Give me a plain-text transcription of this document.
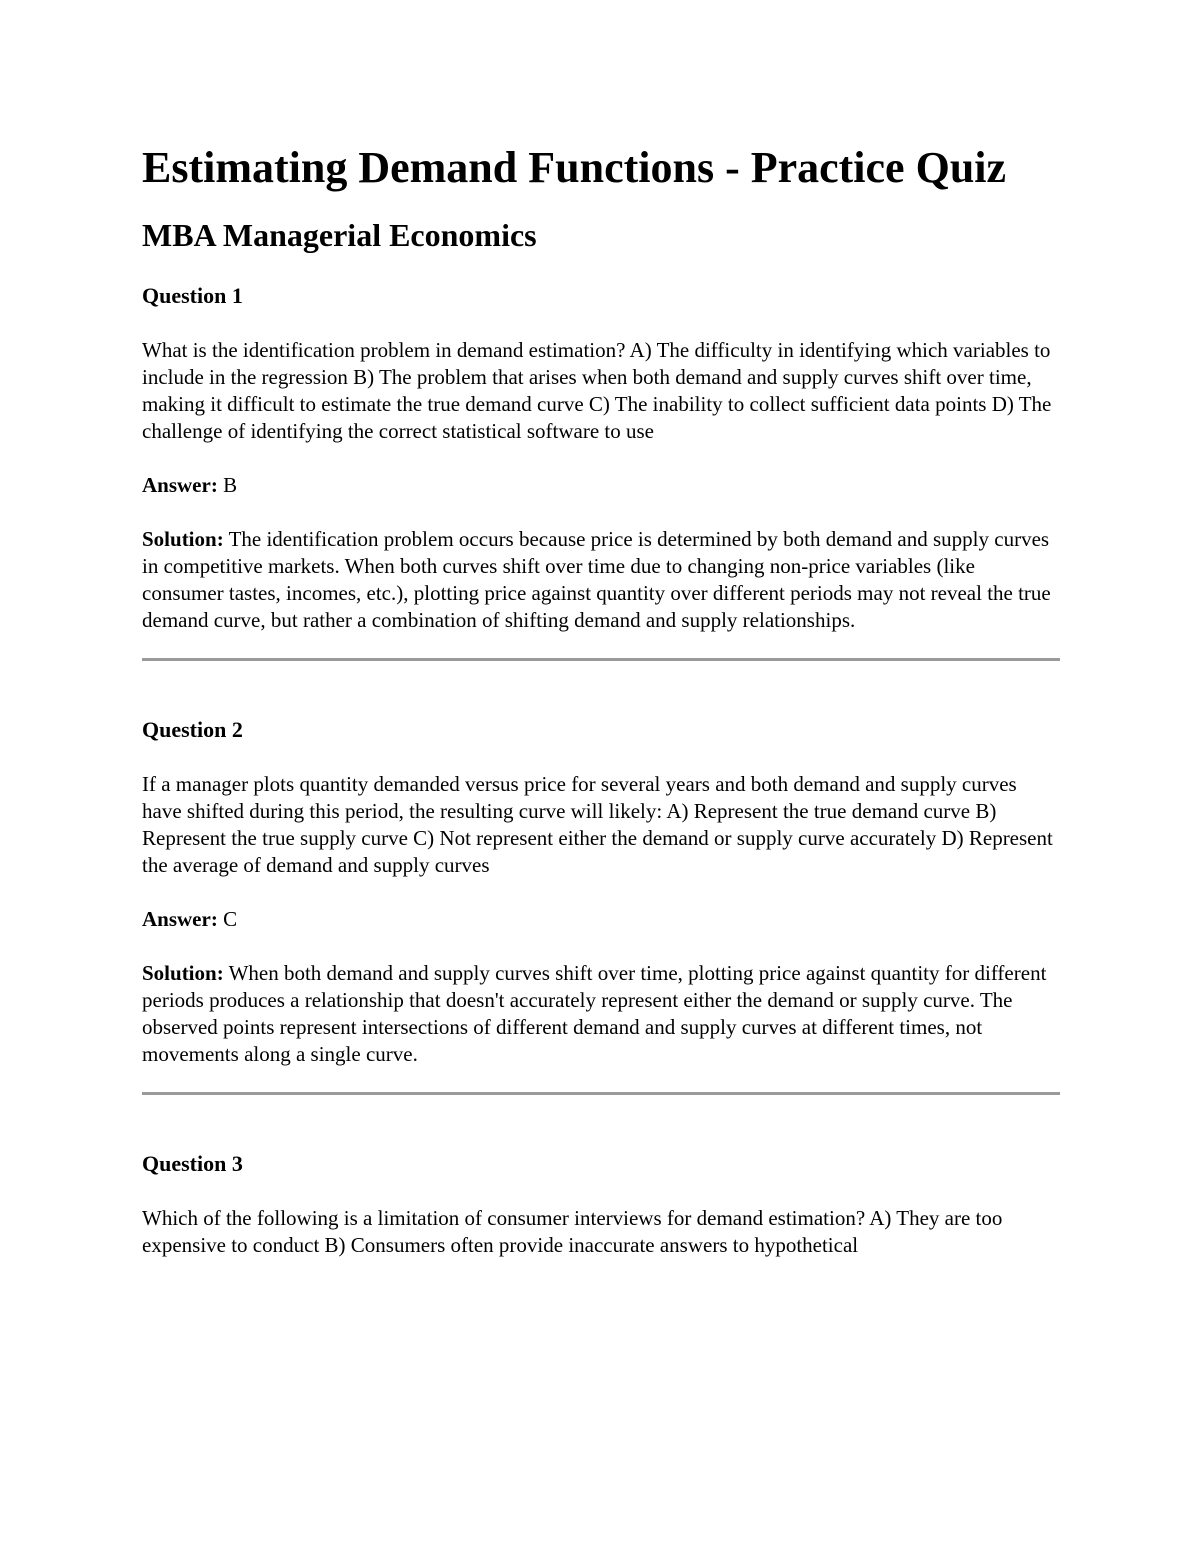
Estimating Demand Functions - Practice Quiz
MBA Managerial Economics

Question 1

What is the identification problem in demand estimation? A) The difficulty in identifying which variables to include in the regression B) The problem that arises when both demand and supply curves shift over time, making it difficult to estimate the true demand curve C) The inability to collect sufficient data points D) The challenge of identifying the correct statistical software to use

Answer: B

Solution: The identification problem occurs because price is determined by both demand and supply curves in competitive markets. When both curves shift over time due to changing non-price variables (like consumer tastes, incomes, etc.), plotting price against quantity over different periods may not reveal the true demand curve, but rather a combination of shifting demand and supply relationships.

Question 2

If a manager plots quantity demanded versus price for several years and both demand and supply curves have shifted during this period, the resulting curve will likely: A) Represent the true demand curve B) Represent the true supply curve C) Not represent either the demand or supply curve accurately D) Represent the average of demand and supply curves

Answer: C

Solution: When both demand and supply curves shift over time, plotting price against quantity for different periods produces a relationship that doesn't accurately represent either the demand or supply curve. The observed points represent intersections of different demand and supply curves at different times, not movements along a single curve.

Question 3

Which of the following is a limitation of consumer interviews for demand estimation? A) They are too expensive to conduct B) Consumers often provide inaccurate answers to hypothetical
